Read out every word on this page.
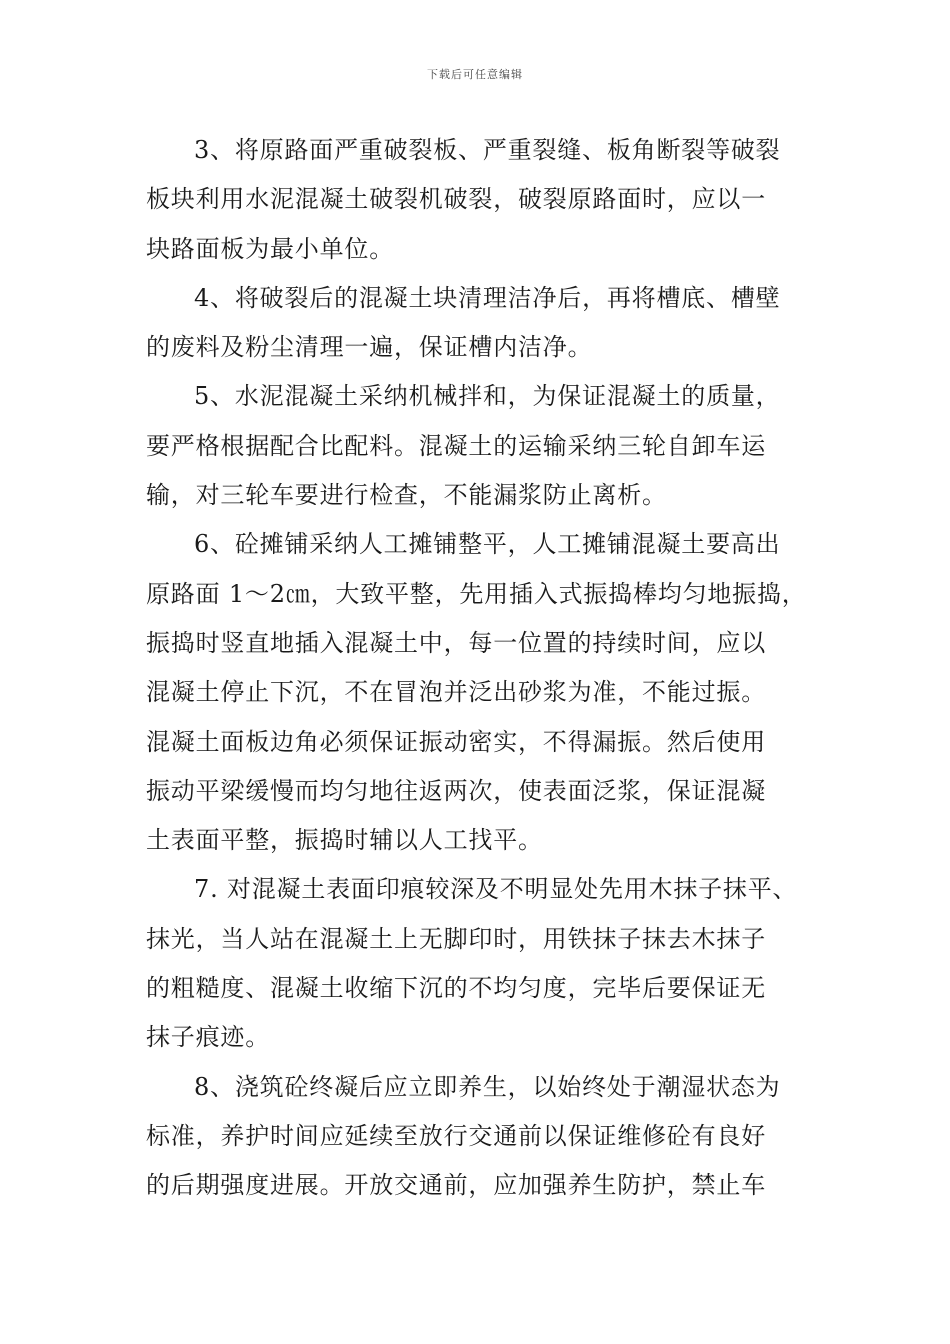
下载后可任意编辑
3、将原路面严重破裂板、严重裂缝、板角断裂等破裂
板块利用水泥混凝土破裂机破裂，破裂原路面时，应以一
块路面板为最小单位。
4、将破裂后的混凝土块清理洁净后，再将槽底、槽壁
的废料及粉尘清理一遍，保证槽内洁净。
5、水泥混凝土采纳机械拌和，为保证混凝土的质量，
要严格根据配合比配料。混凝土的运输采纳三轮自卸车运
输，对三轮车要进行检查，不能漏浆防止离析。
6、砼摊铺采纳人工摊铺整平，人工摊铺混凝土要高出
原路面 1～2㎝，大致平整，先用插入式振捣棒均匀地振捣，
振捣时竖直地插入混凝土中，每一位置的持续时间，应以
混凝土停止下沉，不在冒泡并泛出砂浆为准，不能过振。
混凝土面板边角必须保证振动密实，不得漏振。然后使用
振动平梁缓慢而均匀地往返两次，使表面泛浆，保证混凝
土表面平整，振捣时辅以人工找平。
7. 对混凝土表面印痕较深及不明显处先用木抹子抹平、
抹光，当人站在混凝土上无脚印时，用铁抹子抹去木抹子
的粗糙度、混凝土收缩下沉的不均匀度，完毕后要保证无
抹子痕迹。
8、浇筑砼终凝后应立即养生，以始终处于潮湿状态为
标准，养护时间应延续至放行交通前以保证维修砼有良好
的后期强度进展。开放交通前，应加强养生防护，禁止车
